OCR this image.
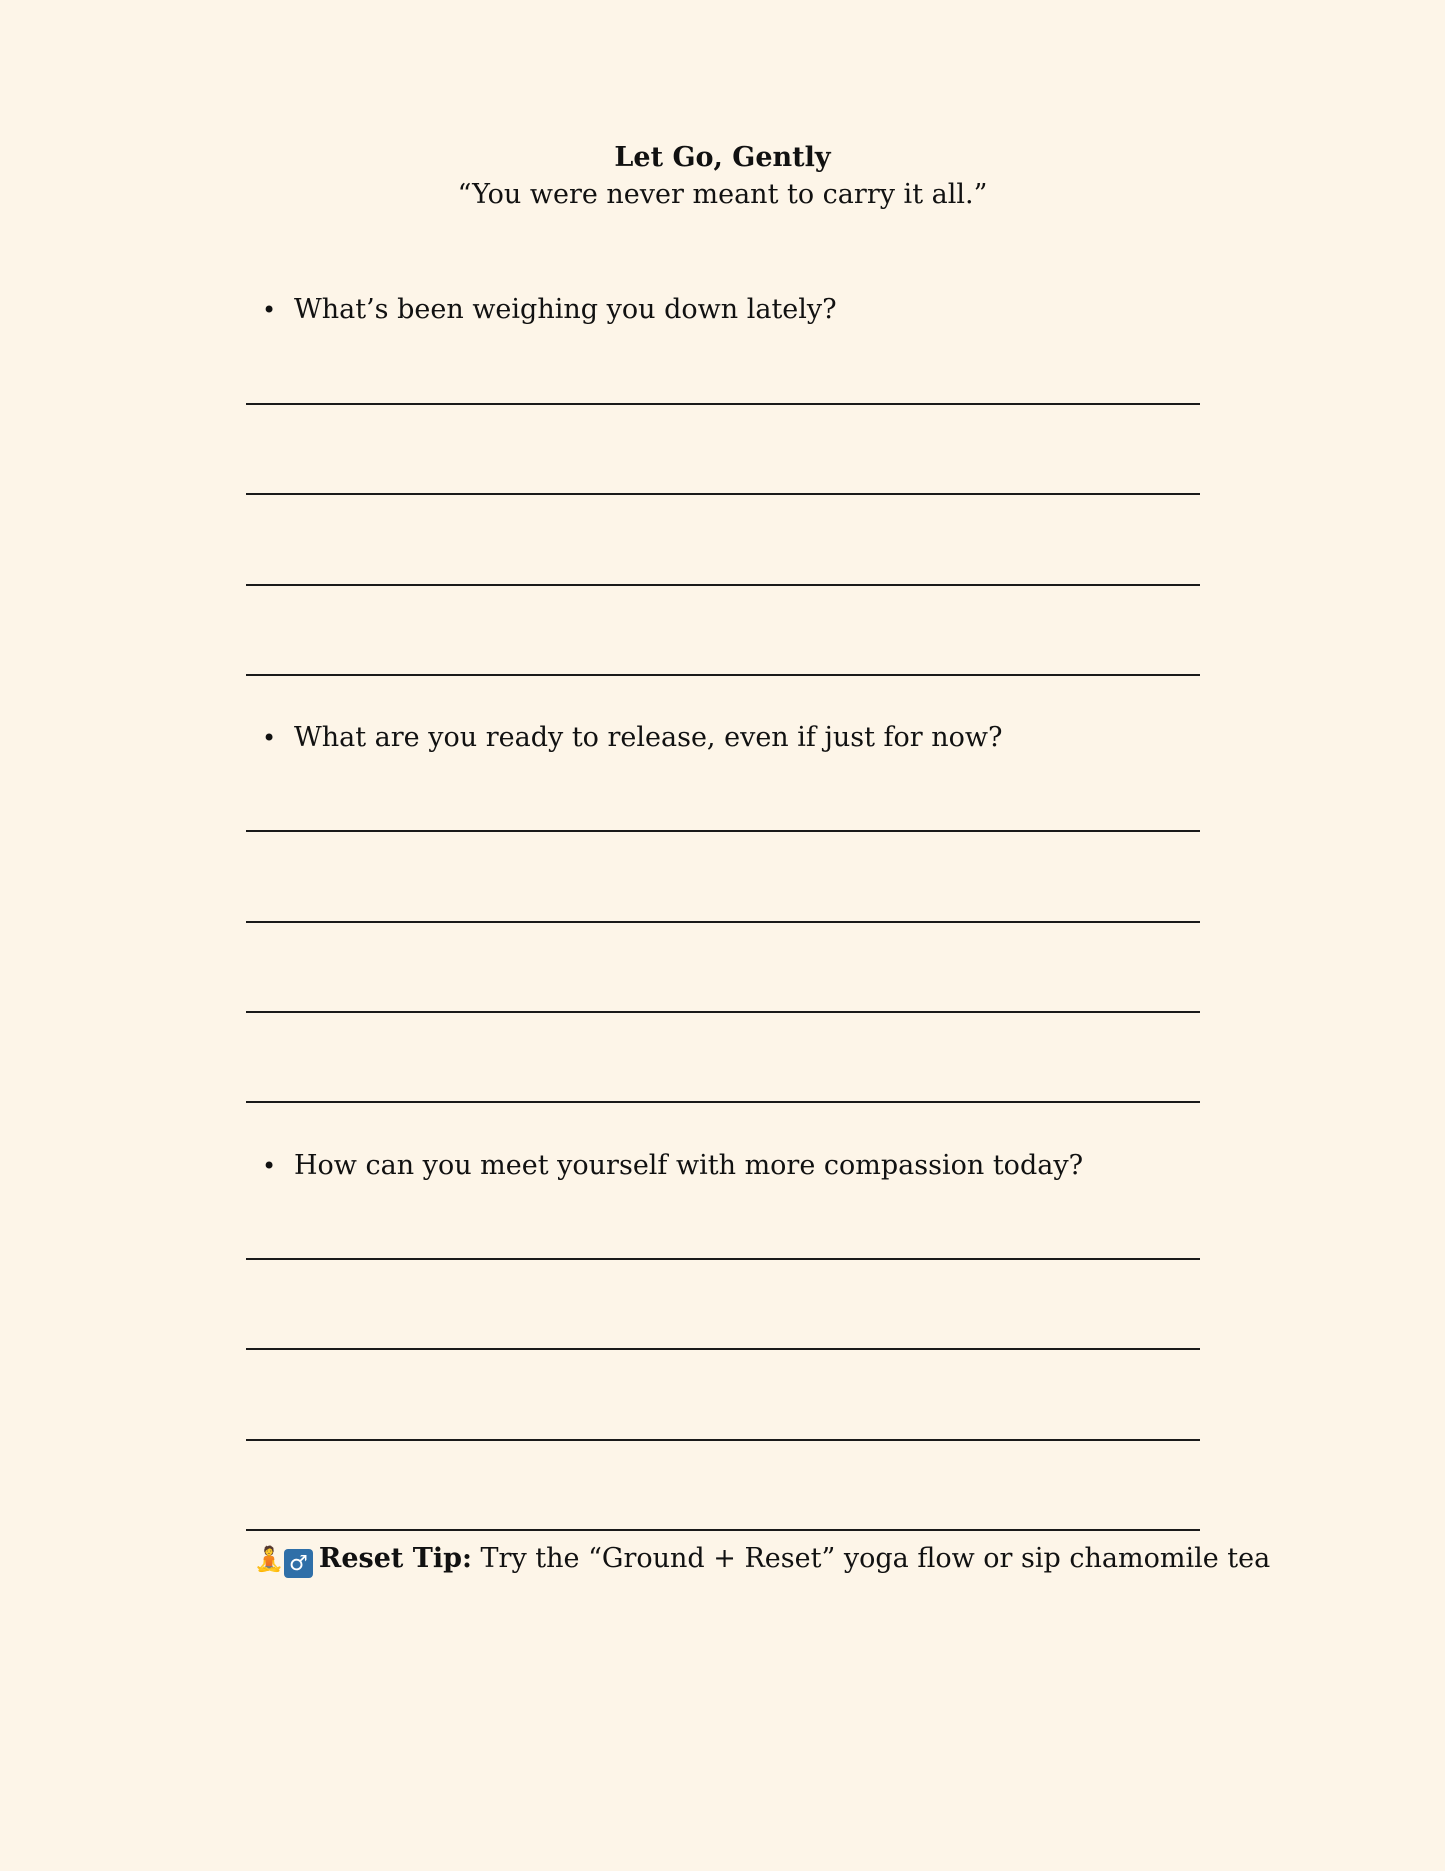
Let Go, Gently
“You were never meant to carry it all.”
• What’s been weighing you down lately?
• What are you ready to release, even if just for now?
• How can you meet yourself with more compassion today?
🧘 ♂ Reset Tip: Try the “Ground + Reset” yoga flow or sip chamomile tea
